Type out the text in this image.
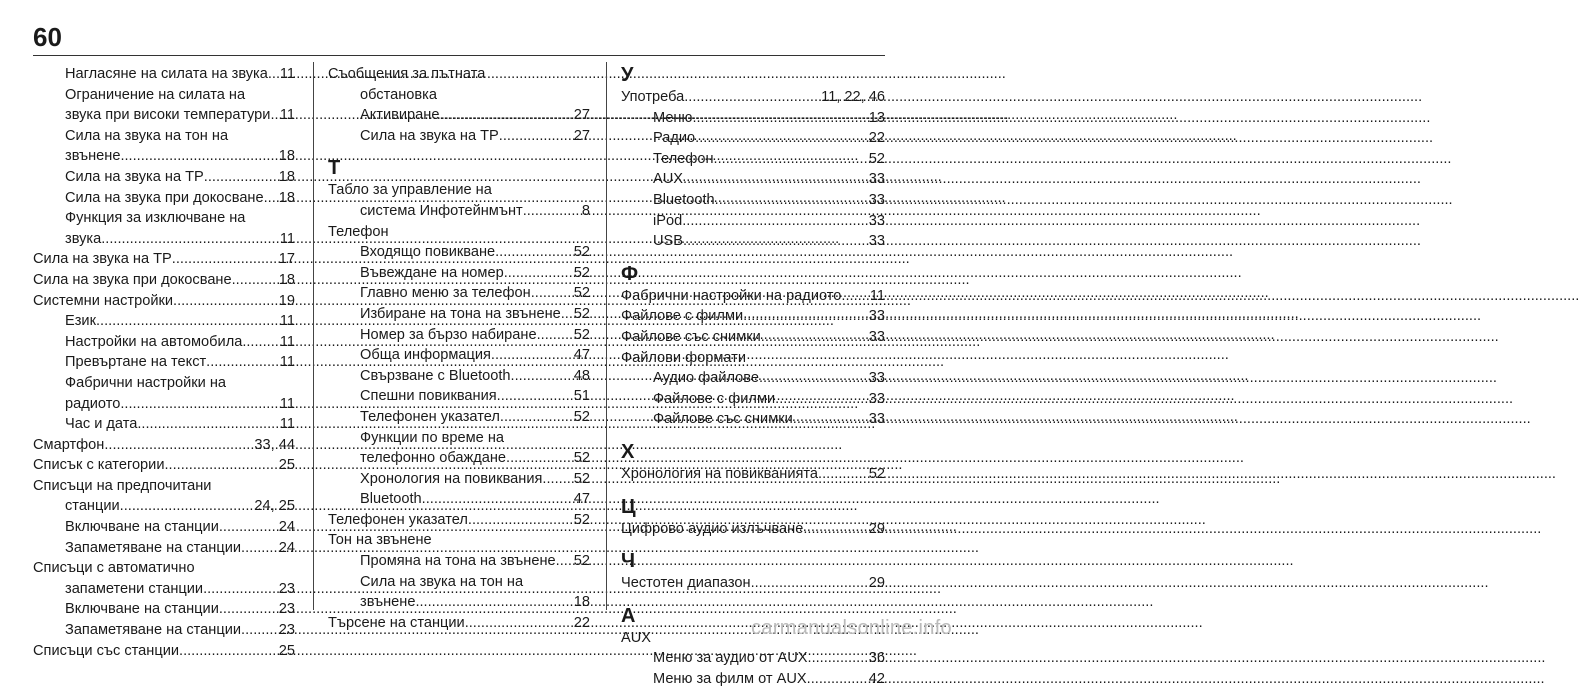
60
Нагласяне на силата на звука ..... 11
Ограничение на силата на
звука при високи температури ..... 11
Сила на звука на тон на
звънене .....	18
Сила на звука на TP .....	18
Сила на звука при докосване. ..... 18
Функция за изключване на
звука .....	11
Сила на звука на TP .....	17
Сила на звука при докосване .....	18
Системни настройки .....	19
Език .....	11
Настройки на автомобила .....	11
Превъртане на текст .....	11
Фабрични настройки на
радиото .....	11
Час и дата .....	11
Смартфон .....	33, 44
Списък с категории .....	25
Списъци на предпочитани
станции .....	24, 25
Включване на станции .....	24
Запаметяване на станции .....	24
Списъци с автоматично
запаметени станции .....	23
Включване на станции .....	23
Запаметяване на станции .....	23
Списъци със станции .....	25
Съобщения за пътната
обстановка
Активиране .....	27
Сила на звука на TP .....	27
Т
Табло за управление на
система Инфотейнмънт .....	8
Телефон
Входящо повикване .....	52
Въвеждане на номер .....	52
Главно меню за телефон .....	52
Избиране на тона на звънене ..... 52
Номер за бързо набиране .....	52
Обща информация .....	47
Свързване с Bluetooth .....	48
Спешни повиквания .....	51
Телефонен указател .....	52
Функции по време на
телефонно обаждане .....	52
Хронология на повиквания ..... 52
Bluetooth .....	47
Телефонен указател .....	52
Тон на звънене
Промяна на тона на звънене ..... 52
Сила на звука на тон на
звънене .....	18
Търсене на станции .....	22
У
Употреба .....	11, 22, 46
Меню .....	13
Радио .....	22
Телефон .....	52
AUX .....	33
Bluetooth .....	33
iPod .....	33
USB .....	33
Ф
Фабрични настройки на радиото ..... 11
Файлове с филми .....	33
Файлове със снимки .....	33
Файлови формати
Аудио файлове .....	33
Файлове с филми .....	33
Файлове със снимки .....	33
Х
Хронология на повикванията .....	52
Ц
Цифрово аудио излъчване .....	29
Ч
Честотен диапазон .....	29
А
AUX
Меню за аудио от AUX .....	36
Меню за филм от AUX .....	42
carmanualsonline.info
